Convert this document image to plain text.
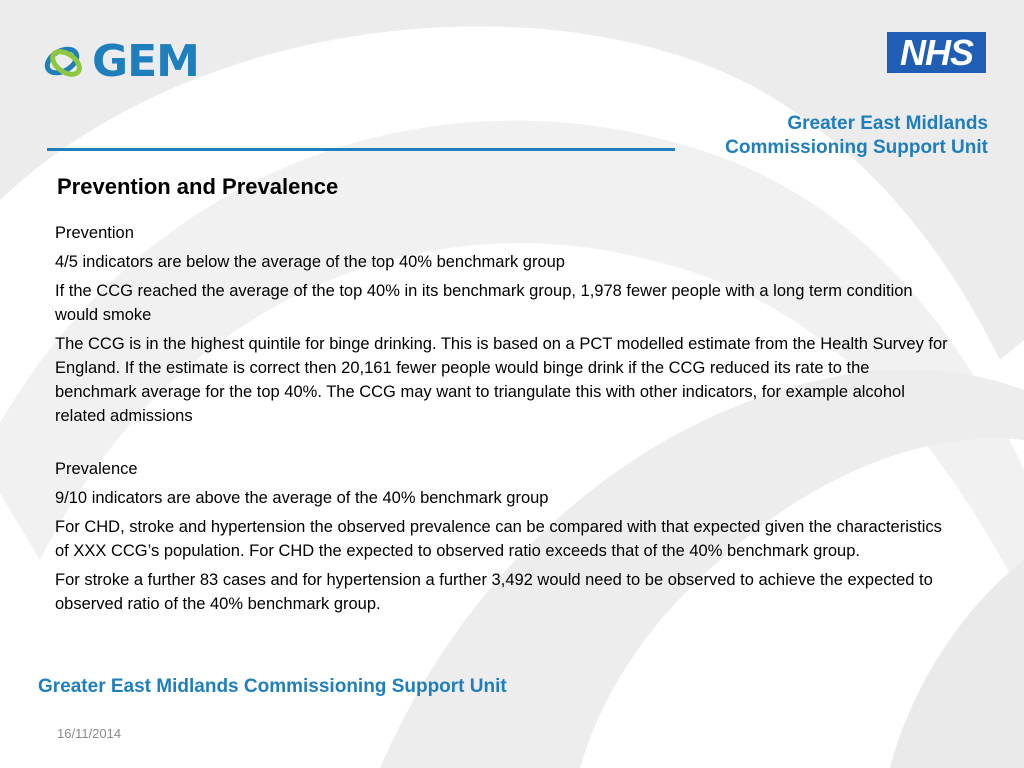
GEM	NHS
Greater East Midlands
Commissioning Support Unit
Prevention and Prevalence

Prevention

4/5 indicators are below the average of the top 40% benchmark group

If the CCG reached the average of the top 40% in its benchmark group, 1,978 fewer people with a long term condition would smoke

The CCG is in the highest quintile for binge drinking. This is based on a PCT modelled estimate from the Health Survey for England. If the estimate is correct then 20,161 fewer people would binge drink if the CCG reduced its rate to the benchmark average for the top 40%. The CCG may want to triangulate this with other indicators, for example alcohol related admissions

Prevalence

9/10 indicators are above the average of the 40% benchmark group

For CHD, stroke and hypertension the observed prevalence can be compared with that expected given the characteristics of XXX CCG’s population. For CHD the expected to observed ratio exceeds that of the 40% benchmark group.

For stroke a further 83 cases and for hypertension a further 3,492 would need to be observed to achieve the expected to observed ratio of the 40% benchmark group.

Greater East Midlands Commissioning Support Unit
16/11/2014
